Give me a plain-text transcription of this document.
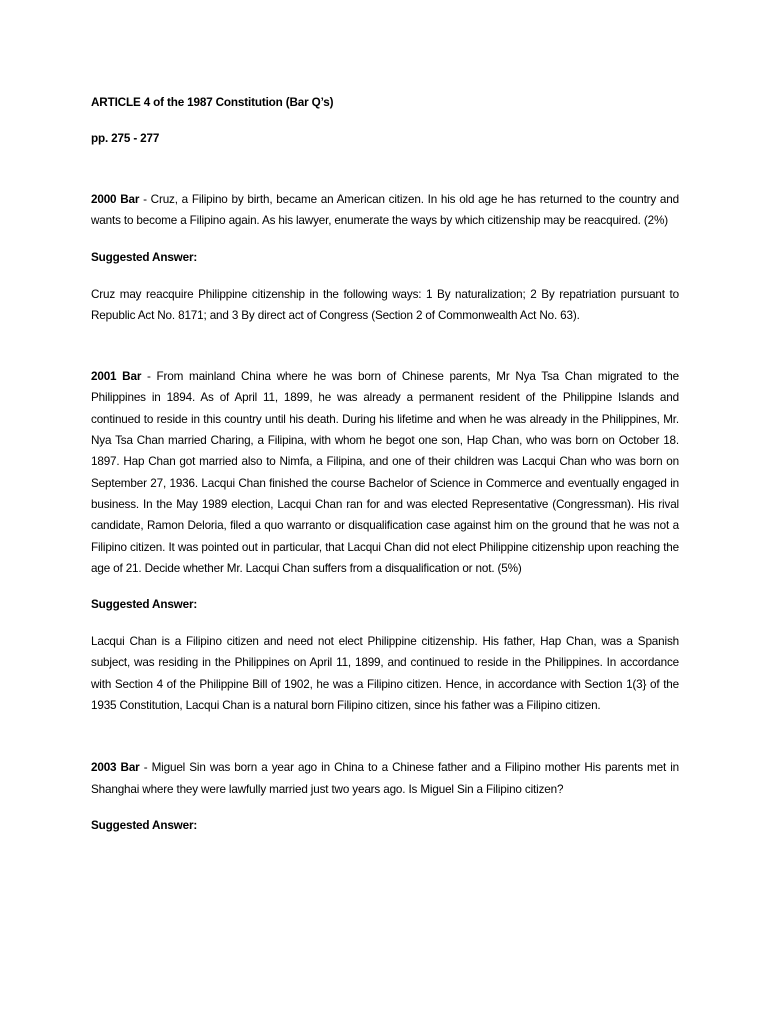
ARTICLE 4 of the 1987 Constitution (Bar Q’s)

pp. 275 - 277

2000 Bar - Cruz, a Filipino by birth, became an American citizen. In his old age he has returned to the country and wants to become a Filipino again. As his lawyer, enumerate the ways by which citizenship may be reacquired. (2%)

Suggested Answer:

Cruz may reacquire Philippine citizenship in the following ways: 1 By naturalization; 2 By repatriation pursuant to Republic Act No. 8171; and 3 By direct act of Congress (Section 2 of Commonwealth Act No. 63).

2001 Bar - From mainland China where he was born of Chinese parents, Mr Nya Tsa Chan migrated to the Philippines in 1894. As of April 11, 1899, he was already a permanent resident of the Philippine Islands and continued to reside in this country until his death. During his lifetime and when he was already in the Philippines, Mr. Nya Tsa Chan married Charing, a Filipina, with whom he begot one son, Hap Chan, who was born on October 18. 1897. Hap Chan got married also to Nimfa, a Filipina, and one of their children was Lacqui Chan who was born on September 27, 1936. Lacqui Chan finished the course Bachelor of Science in Commerce and eventually engaged in business. In the May 1989 election, Lacqui Chan ran for and was elected Representative (Congressman). His rival candidate, Ramon Deloria, filed a quo warranto or disqualification case against him on the ground that he was not a Filipino citizen. It was pointed out in particular, that Lacqui Chan did not elect Philippine citizenship upon reaching the age of 21. Decide whether Mr. Lacqui Chan suffers from a disqualification or not. (5%)

Suggested Answer:

Lacqui Chan is a Filipino citizen and need not elect Philippine citizenship. His father, Hap Chan, was a Spanish subject, was residing in the Philippines on April 11, 1899, and continued to reside in the Philippines. In accordance with Section 4 of the Philippine Bill of 1902, he was a Filipino citizen. Hence, in accordance with Section 1(3} of the 1935 Constitution, Lacqui Chan is a natural born Filipino citizen, since his father was a Filipino citizen.

2003 Bar - Miguel Sin was born a year ago in China to a Chinese father and a Filipino mother His parents met in Shanghai where they were lawfully married just two years ago. Is Miguel Sin a Filipino citizen?

Suggested Answer:
